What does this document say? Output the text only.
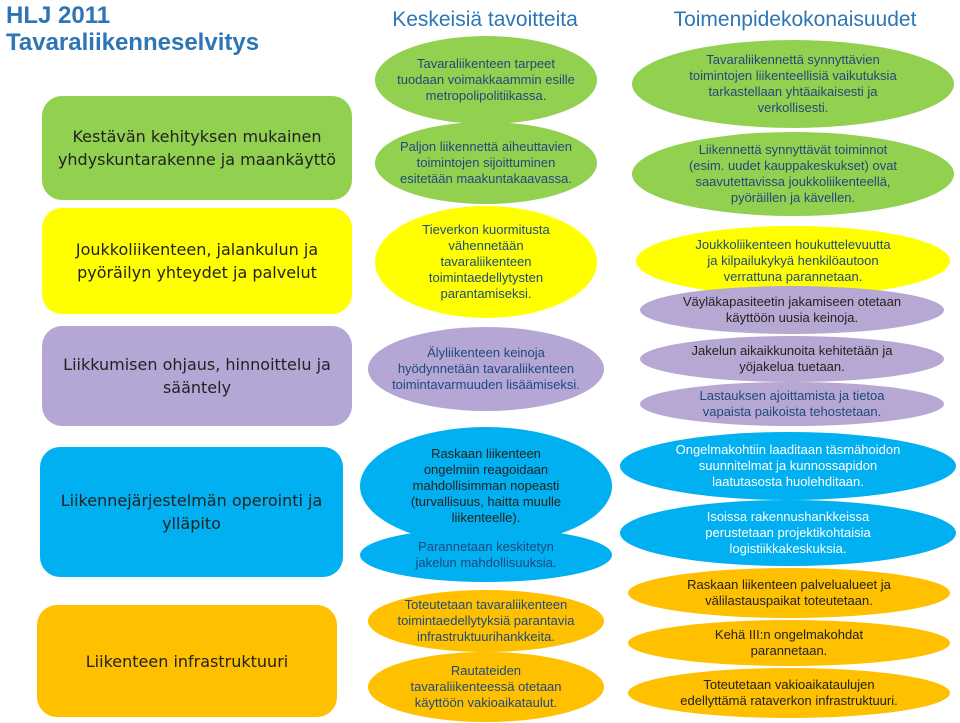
HLJ 2011
Tavaraliikenneselvitys
Keskeisiä tavoitteita	Toimenpidekokonaisuudet
Kestävän kehityksen mukainen yhdyskuntarakenne ja maankäyttö
Joukkoliikenteen, jalankulun ja pyöräilyn yhteydet ja palvelut
Liikkumisen ohjaus, hinnoittelu ja sääntely
Liikennejärjestelmän operointi ja ylläpito
Liikenteen infrastruktuuri
Tavaraliikenteen tarpeet
tuodaan voimakkaammin esille
metropolipolitiikassa.
Paljon liikennettä aiheuttavien
toimintojen sijoittuminen
esitetään maakuntakaavassa.
Tieverkon kuormitusta
vähennetään
tavaraliikenteen
toimintaedellytysten
parantamiseksi.
Älyliikenteen keinoja
hyödynnetään tavaraliikenteen
toimintavarmuuden lisäämiseksi.
Raskaan liikenteen
ongelmiin reagoidaan
mahdollisimman nopeasti
(turvallisuus, haitta muulle
liikenteelle).
Parannetaan keskitetyn
jakelun mahdollisuuksia.
Toteutetaan tavaraliikenteen
toimintaedellytyksiä parantavia
infrastruktuurihankkeita.
Rautateiden
tavaraliikenteessä otetaan
käyttöön vakioaikataulut.
Tavaraliikennettä synnyttävien
toimintojen liikenteellisiä vaikutuksia
tarkastellaan yhtäaikaisesti ja
verkollisesti.
Liikennettä synnyttävät toiminnot
(esim. uudet kauppakeskukset) ovat
saavutettavissa joukkoliikenteellä,
pyöräillen ja kävellen.
Joukkoliikenteen houkuttelevuutta
ja kilpailukykyä henkilöautoon
verrattuna parannetaan.
Väyläkapasiteetin jakamiseen otetaan
käyttöön uusia keinoja.
Jakelun aikaikkunoita kehitetään ja
yöjakelua tuetaan.
Lastauksen ajoittamista ja tietoa
vapaista paikoista tehostetaan.
Ongelmakohtiin laaditaan täsmähoidon
suunnitelmat ja kunnossapidon
laatutasosta huolehditaan.
Isoissa rakennushankkeissa
perustetaan projektikohtaisia
logistiikkakeskuksia.
Raskaan liikenteen palvelualueet ja
välilastauspaikat toteutetaan.
Kehä III:n ongelmakohdat
parannetaan.
Toteutetaan vakioaikataulujen
edellyttämä rataverkon infrastruktuuri.
